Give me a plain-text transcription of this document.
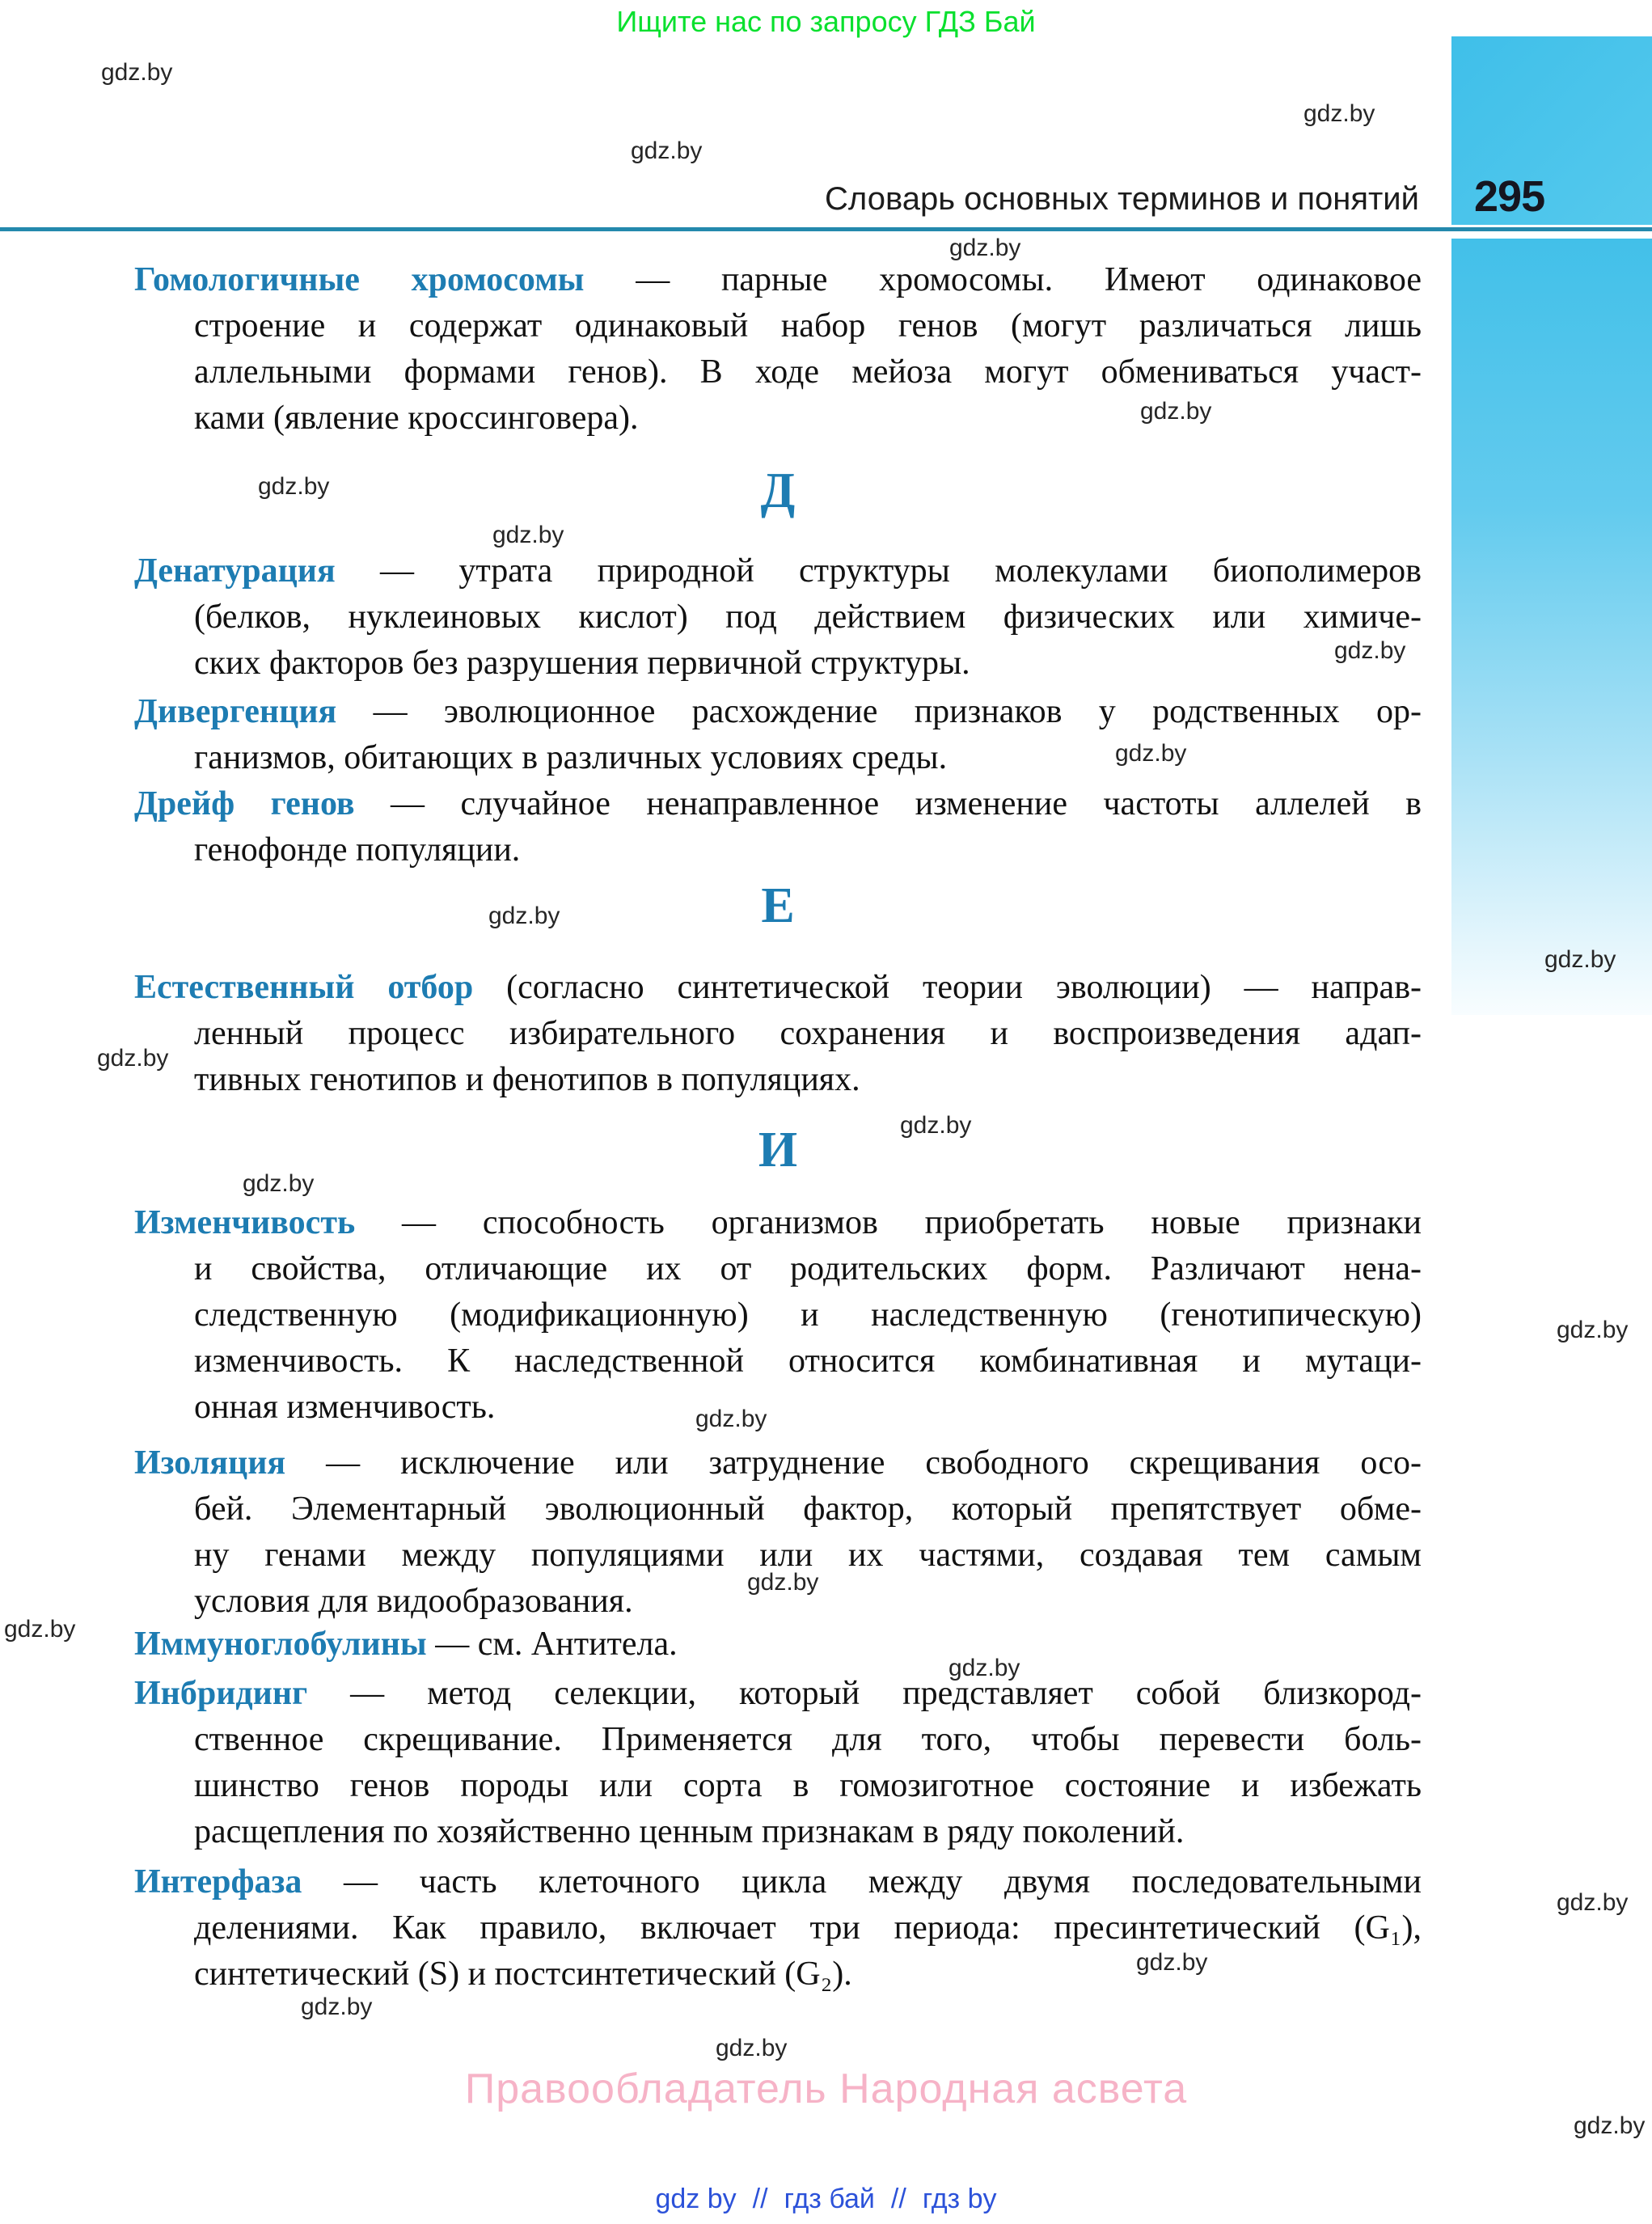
Ищите нас по запросу ГДЗ Бай
Словарь основных терминов и понятий 295
gdz.by
gdz.by
gdz.by
gdz.by
gdz.by
gdz.by
gdz.by
gdz.by
gdz.by
gdz.by
gdz.by
gdz.by
gdz.by
gdz.by
gdz.by
gdz.by
gdz.by
gdz.by
gdz.by
gdz.by
gdz.by
gdz.by
gdz.by
gdz.by
Гомологичные хромосомы — парные хромосомы. Имеют одинаковое
строение и содержат одинаковый набор генов (могут различаться лишь
аллельными формами генов). В ходе мейоза могут обмениваться участ-
ками (явление кроссинговера).
Д
Денатурация — утрата природной структуры молекулами биополимеров
(белков, нуклеиновых кислот) под действием физических или химиче-
ских факторов без разрушения первичной структуры.
Дивергенция — эволюционное расхождение признаков у родственных ор-
ганизмов, обитающих в различных условиях среды.
Дрейф генов — случайное ненаправленное изменение частоты аллелей в
генофонде популяции.
Е
Естественный отбор (согласно синтетической теории эволюции) — направ-
ленный процесс избирательного сохранения и воспроизведения адап-
тивных генотипов и фенотипов в популяциях.
И
Изменчивость — способность организмов приобретать новые признаки
и свойства, отличающие их от родительских форм. Различают нена-
следственную (модификационную) и наследственную (генотипическую)
изменчивость. К наследственной относится комбинативная и мутаци-
онная изменчивость.
Изоляция — исключение или затруднение свободного скрещивания осо-
бей. Элементарный эволюционный фактор, который препятствует обме-
ну генами между популяциями или их частями, создавая тем самым
условия для видообразования.
Иммуноглобулины — см. Антитела.
Инбридинг — метод селекции, который представляет собой близкород-
ственное скрещивание. Применяется для того, чтобы перевести боль-
шинство генов породы или сорта в гомозиготное состояние и избежать
расщепления по хозяйственно ценным признакам в ряду поколений.
Интерфаза — часть клеточного цикла между двумя последовательными
делениями. Как правило, включает три периода: пресинтетический (G₁),
синтетический (S) и постсинтетический (G₂).
Правообладатель Народная асвета
gdz by // гдз бай // гдз by
